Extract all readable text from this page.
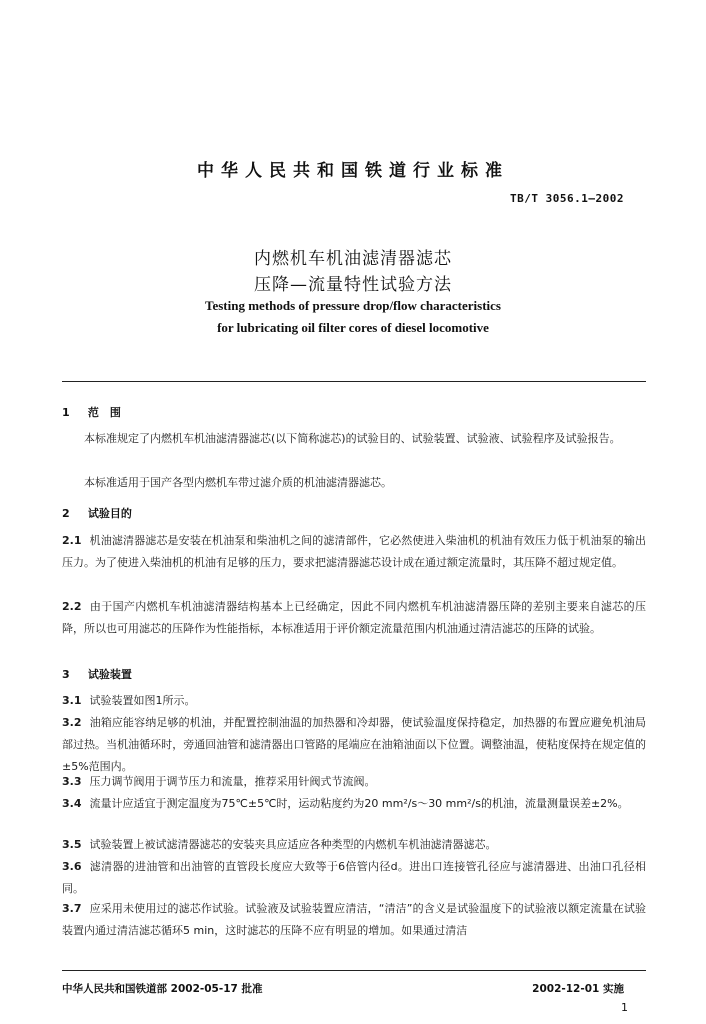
中华人民共和国铁道行业标准
TB/T 3056.1—2002
内燃机车机油滤清器滤芯
压降—流量特性试验方法
Testing methods of pressure drop/flow characteristics
for lubricating oil filter cores of diesel locomotive
1 范　围
本标准规定了内燃机车机油滤清器滤芯(以下简称滤芯)的试验目的、试验装置、试验液、试验程序及试验报告。
本标准适用于国产各型内燃机车带过滤介质的机油滤清器滤芯。
2 试验目的
2.1 机油滤清器滤芯是安装在机油泵和柴油机之间的滤清部件，它必然使进入柴油机的机油有效压力低于机油泵的输出压力。为了使进入柴油机的机油有足够的压力，要求把滤清器滤芯设计成在通过额定流量时，其压降不超过规定值。
2.2 由于国产内燃机车机油滤清器结构基本上已经确定，因此不同内燃机车机油滤清器压降的差别主要来自滤芯的压降，所以也可用滤芯的压降作为性能指标，本标准适用于评价额定流量范围内机油通过清洁滤芯的压降的试验。
3 试验装置
3.1 试验装置如图1所示。
3.2 油箱应能容纳足够的机油，并配置控制油温的加热器和冷却器，使试验温度保持稳定，加热器的布置应避免机油局部过热。当机油循环时，旁通回油管和滤清器出口管路的尾端应在油箱油面以下位置。调整油温，使粘度保持在规定值的±5%范围内。
3.3 压力调节阀用于调节压力和流量，推荐采用针阀式节流阀。
3.4 流量计应适宜于测定温度为75℃±5℃时，运动粘度约为20 mm²/s～30 mm²/s的机油，流量测量误差±2%。
3.5 试验装置上被试滤清器滤芯的安装夹具应适应各种类型的内燃机车机油滤清器滤芯。
3.6 滤清器的进油管和出油管的直管段长度应大致等于6倍管内径d。进出口连接管孔径应与滤清器进、出油口孔径相同。
3.7 应采用未使用过的滤芯作试验。试验液及试验装置应清洁，“清洁”的含义是试验温度下的试验液以额定流量在试验装置内通过清洁滤芯循环5 min，这时滤芯的压降不应有明显的增加。如果通过清洁
中华人民共和国铁道部 2002-05-17 批准	2002-12-01 实施
1
